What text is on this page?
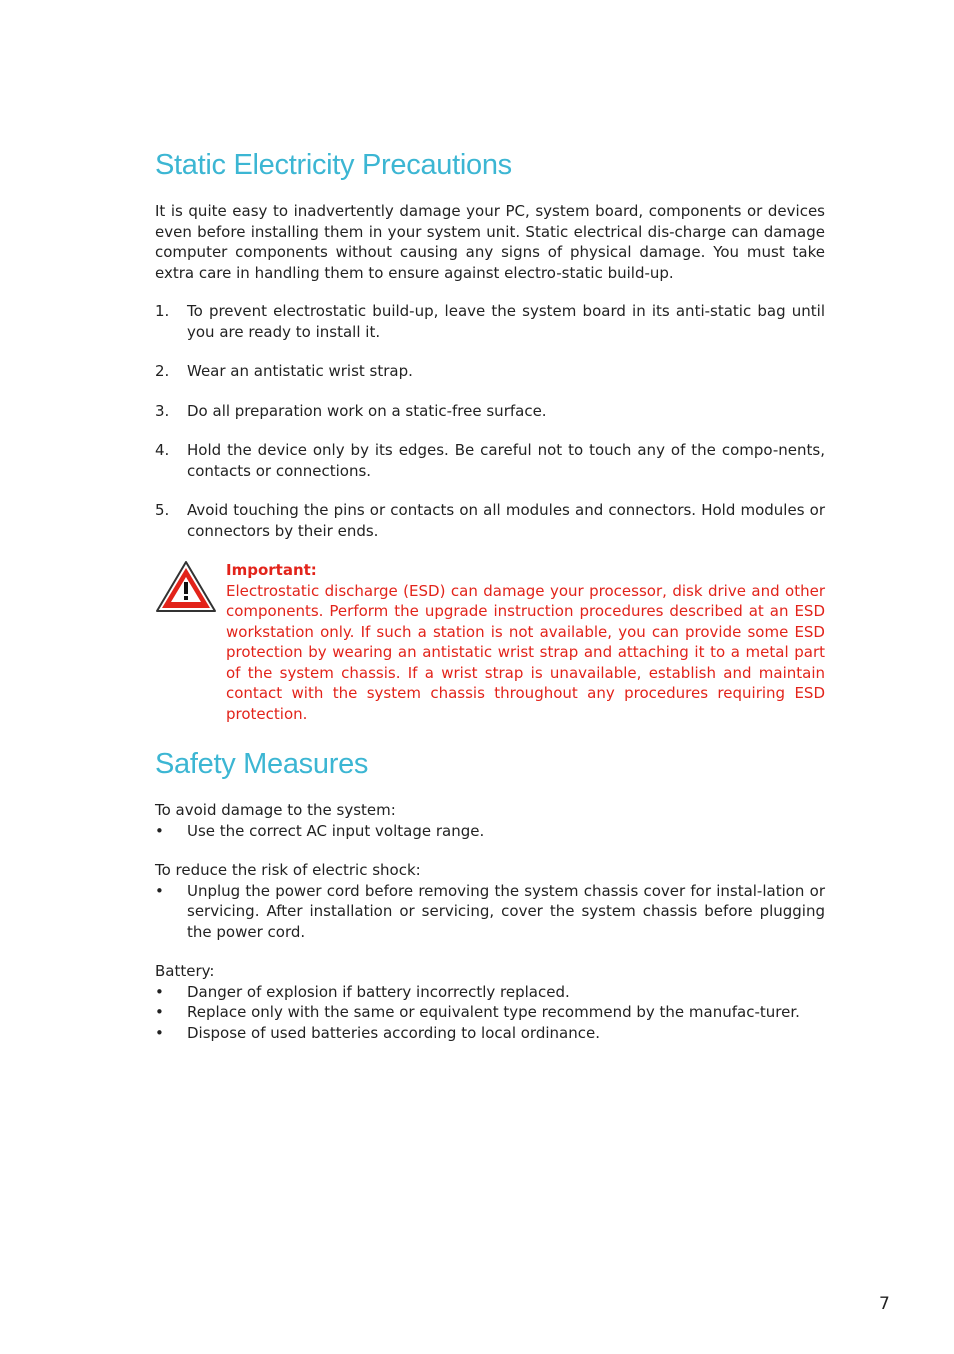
Static Electricity Precautions

It is quite easy to inadvertently damage your PC, system board, components or devices even before installing them in your system unit. Static electrical dis-charge can damage computer components without causing any signs of physical damage. You must take extra care in handling them to ensure against electro-static build-up.

1. To prevent electrostatic build-up, leave the system board in its anti-static bag until you are ready to install it.
2. Wear an antistatic wrist strap.
3. Do all preparation work on a static-free surface.
4. Hold the device only by its edges. Be careful not to touch any of the compo-nents, contacts or connections.
5. Avoid touching the pins or contacts on all modules and connectors. Hold modules or connectors by their ends.
Important:

Electrostatic discharge (ESD) can damage your processor, disk drive and other components. Perform the upgrade instruction procedures described at an ESD workstation only. If such a station is not available, you can provide some ESD protection by wearing an antistatic wrist strap and attaching it to a metal part of the system chassis. If a wrist strap is unavailable, establish and maintain contact with the system chassis throughout any procedures requiring ESD protection.

Safety Measures

To avoid damage to the system:

• Use the correct AC input voltage range.

To reduce the risk of electric shock:

• Unplug the power cord before removing the system chassis cover for instal-lation or servicing. After installation or servicing, cover the system chassis before plugging the power cord.

Battery:

• Danger of explosion if battery incorrectly replaced.
• Replace only with the same or equivalent type recommend by the manufac-turer.
• Dispose of used batteries according to local ordinance.
7
